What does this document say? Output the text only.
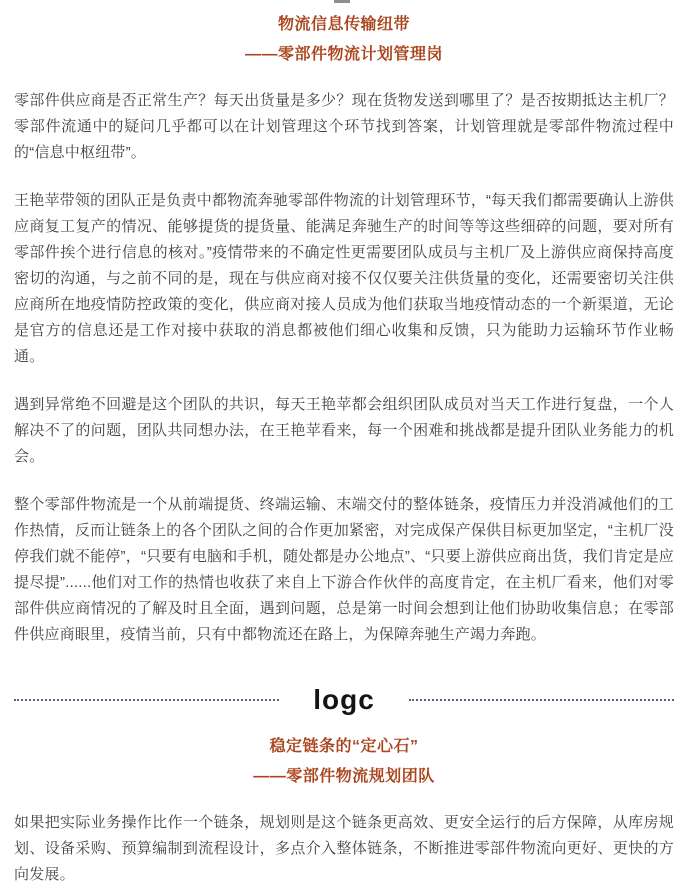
物流信息传输纽带
——零部件物流计划管理岗

零部件供应商是否正常生产？每天出货量是多少？现在货物发送到哪里了？是否按期抵达主机厂？零部件流通中的疑问几乎都可以在计划管理这个环节找到答案，计划管理就是零部件物流过程中的“信息中枢纽带”。

王艳苹带领的团队正是负责中都物流奔驰零部件物流的计划管理环节，“每天我们都需要确认上游供应商复工复产的情况、能够提货的提货量、能满足奔驰生产的时间等等这些细碎的问题，要对所有零部件挨个进行信息的核对。”疫情带来的不确定性更需要团队成员与主机厂及上游供应商保持高度密切的沟通，与之前不同的是，现在与供应商对接不仅仅要关注供货量的变化，还需要密切关注供应商所在地疫情防控政策的变化，供应商对接人员成为他们获取当地疫情动态的一个新渠道，无论是官方的信息还是工作对接中获取的消息都被他们细心收集和反馈，只为能助力运输环节作业畅通。

遇到异常绝不回避是这个团队的共识，每天王艳苹都会组织团队成员对当天工作进行复盘，一个人解决不了的问题，团队共同想办法，在王艳苹看来，每一个困难和挑战都是提升团队业务能力的机会。

整个零部件物流是一个从前端提货、终端运输、末端交付的整体链条，疫情压力并没消减他们的工作热情，反而让链条上的各个团队之间的合作更加紧密，对完成保产保供目标更加坚定，“主机厂没停我们就不能停”，“只要有电脑和手机，随处都是办公地点”、“只要上游供应商出货，我们肯定是应提尽提”......他们对工作的热情也收获了来自上下游合作伙伴的高度肯定，在主机厂看来，他们对零部件供应商情况的了解及时且全面，遇到问题，总是第一时间会想到让他们协助收集信息；在零部件供应商眼里，疫情当前，只有中都物流还在路上，为保障奔驰生产竭力奔跑。

logc
稳定链条的“定心石”
——零部件物流规划团队

如果把实际业务操作比作一个链条，规划则是这个链条更高效、更安全运行的后方保障，从库房规划、设备采购、预算编制到流程设计，多点介入整体链条，不断推进零部件物流向更好、更快的方向发展。
